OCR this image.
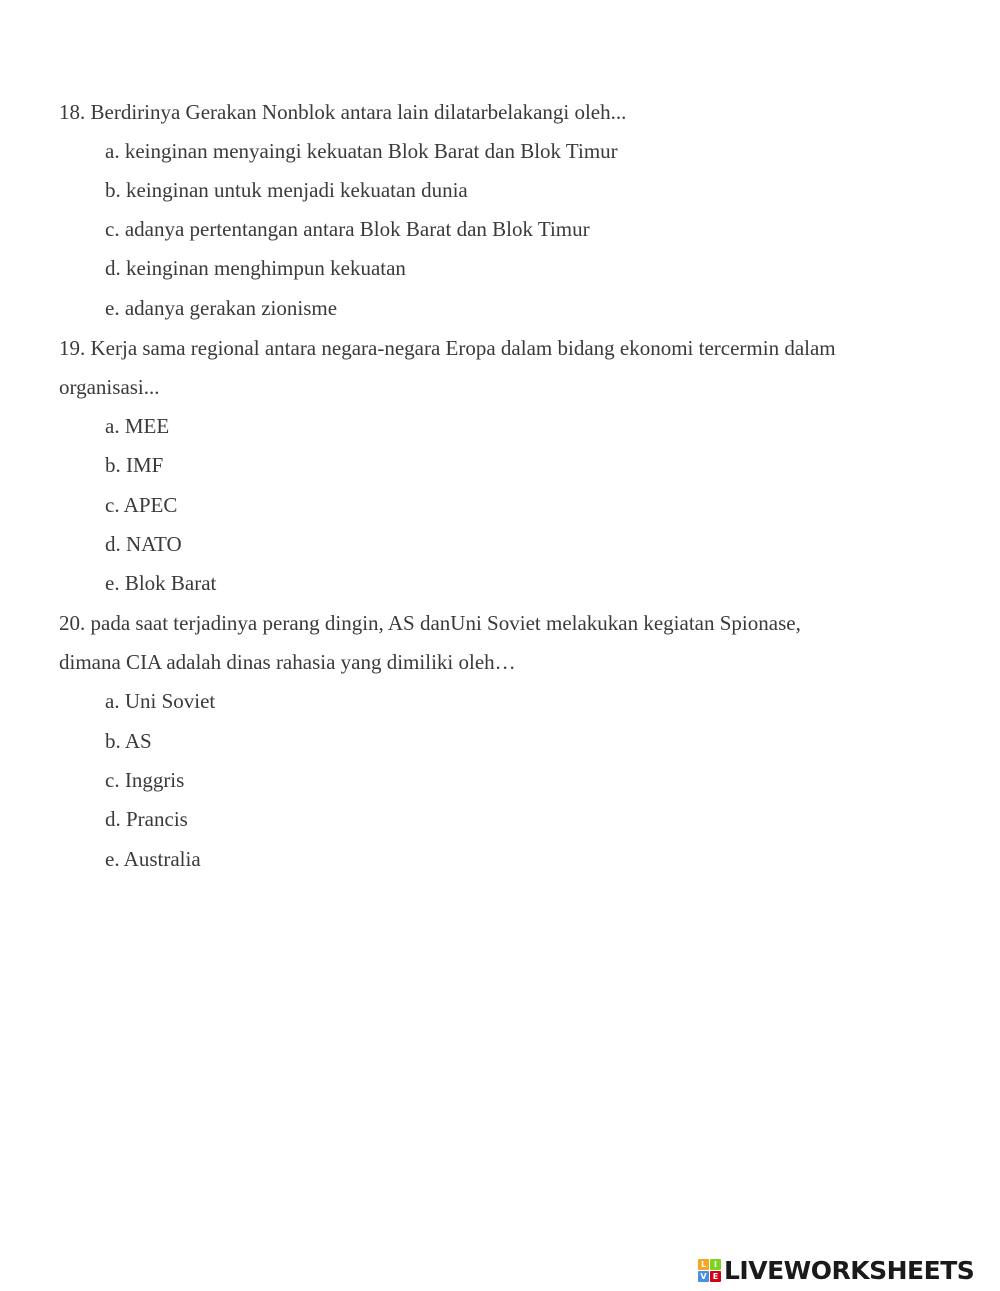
18. Berdirinya Gerakan Nonblok antara lain dilatarbelakangi oleh...
a. keinginan menyaingi kekuatan Blok Barat dan Blok Timur
b. keinginan untuk menjadi kekuatan dunia
c. adanya pertentangan antara Blok Barat dan Blok Timur
d. keinginan menghimpun kekuatan
e. adanya gerakan zionisme
19. Kerja sama regional antara negara-negara Eropa dalam bidang ekonomi tercermin dalam
organisasi...
a. MEE
b. IMF
c. APEC
d. NATO
e. Blok Barat
20. pada saat terjadinya perang dingin, AS danUni Soviet melakukan kegiatan Spionase,
dimana CIA adalah dinas rahasia yang dimiliki oleh…
a. Uni Soviet
b. AS
c. Inggris
d. Prancis
e. Australia
L I
V E LIVEWORKSHEETS
